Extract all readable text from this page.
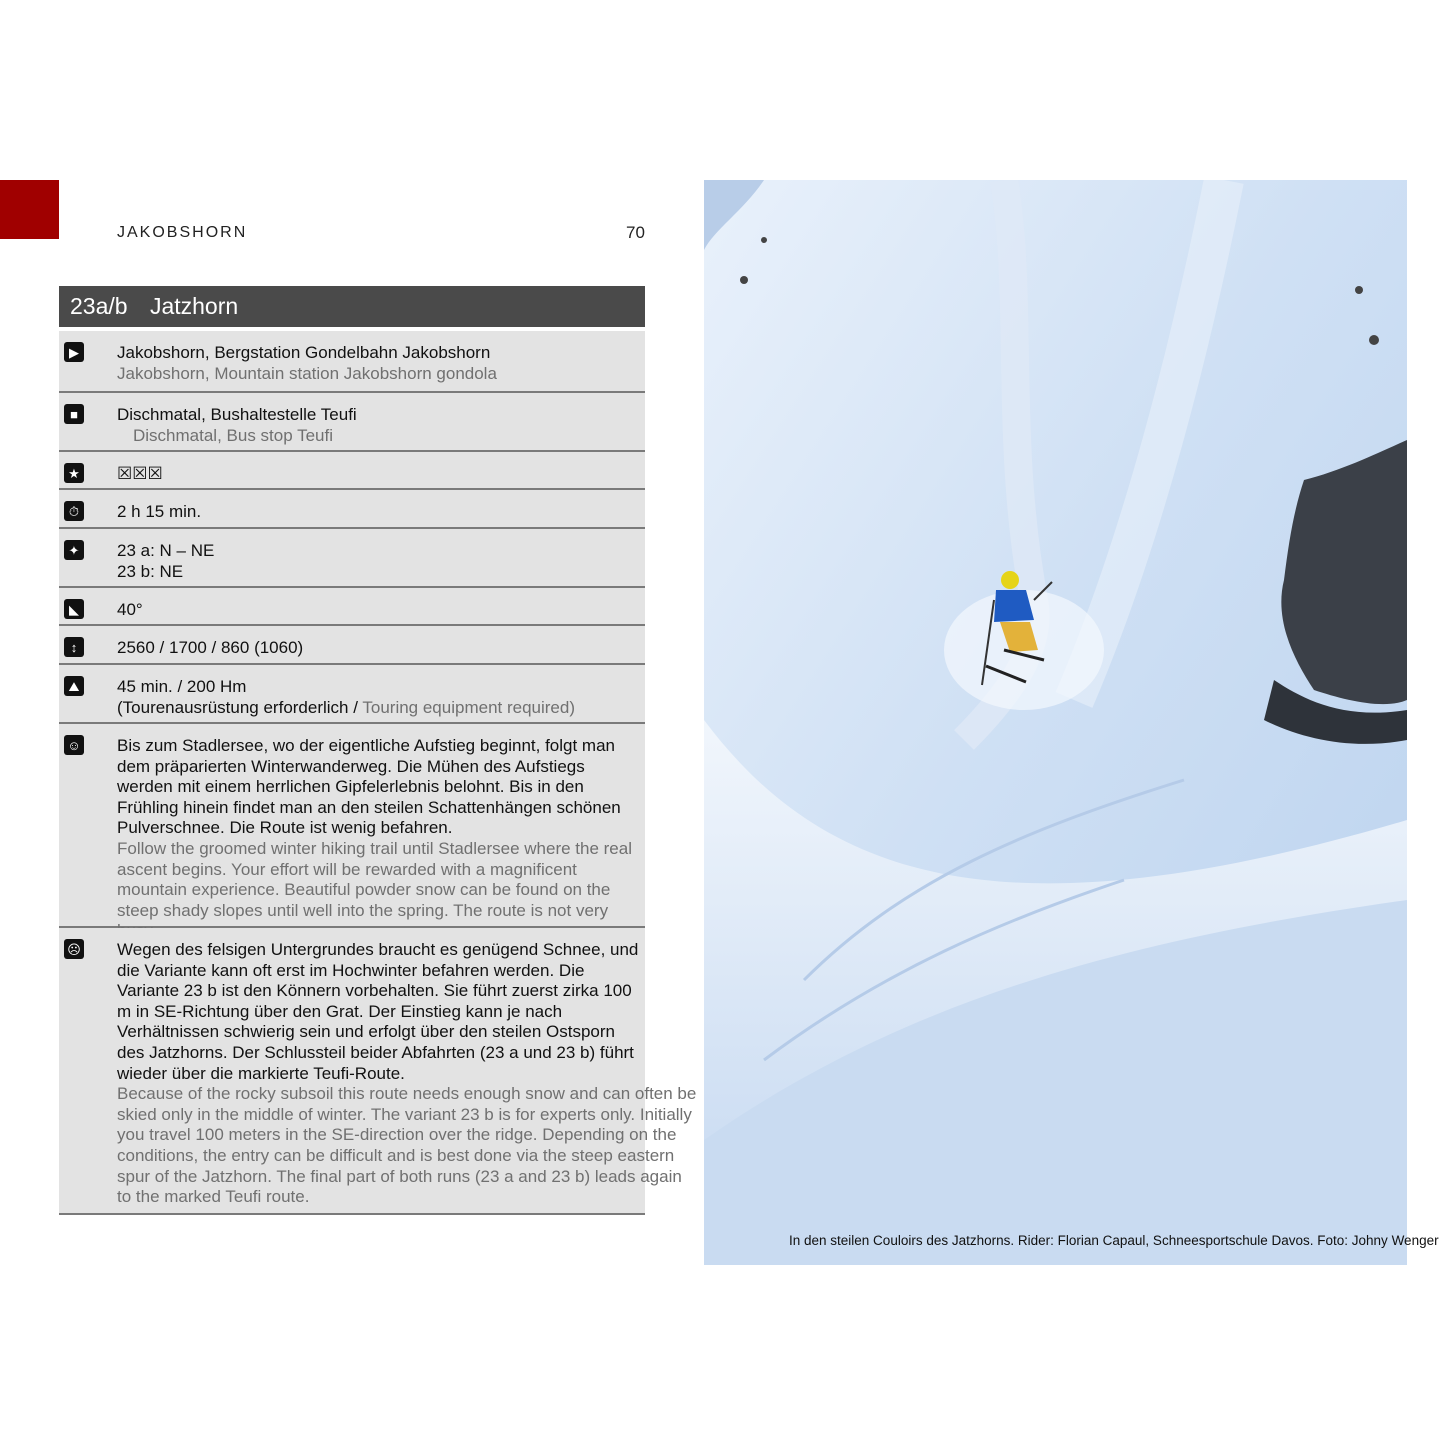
JAKOBSHORN	70
23a/b Jatzhorn
▶ Jakobshorn, Bergstation Gondelbahn Jakobshorn
Jakobshorn, Mountain station Jakobshorn gondola
■	Dischmatal, Bushaltestelle Teufi
Dischmatal, Bus stop Teufi
★ ☒☒☒
⏱ 2 h 15 min.
✦ 23 a: N – NE
23 b: NE
◣ 40°
↕	2560 / 1700 / 860 (1060)
⛰ 45 min. / 200 Hm
(Tourenausrüstung erforderlich / Touring equipment required)
☺ Bis zum Stadlersee, wo der eigentliche Aufstieg beginnt, folgt man dem präparierten Winterwanderweg. Die Mühen des Aufstiegs werden mit einem herrlichen Gipfelerlebnis belohnt. Bis in den Frühling hinein findet man an den steilen Schattenhängen schönen Pulverschnee. Die Route ist wenig befahren.
Follow the groomed winter hiking trail until Stadlersee where the real ascent begins. Your effort will be rewarded with a magnificent mountain experience. Beautiful powder snow can be found on the steep shady slopes until well into the spring. The route is not very
☹ Wegen des felsigen Untergrundes braucht es genügend Schnee, und die Variante kann oft erst im Hochwinter befahren werden. Die Variante 23 b ist den Könnern vorbehalten. Sie führt zuerst zirka 100 m in SE-Richtung über den Grat. Der Einstieg kann je nach Verhältnissen schwierig sein und erfolgt über den steilen Ostsporn des Jatzhorns. Der Schlussteil beider Abfahrten (23 a und 23 b) führt wieder über die markierte Teufi-Route.
Because of the rocky subsoil this route needs enough snow and can often be skied only in the middle of winter. The variant 23 b is for experts only. Initially you travel 100 meters in the SE-direction over the ridge. Depending on the conditions, the entry can be difficult and is best done via the steep eastern spur of the Jatzhorn. The final part of both runs (23 a and 23 b) leads again to the marked Teufi route.
In den steilen Couloirs des Jatzhorns. Rider: Florian Capaul, Schneesportschule Davos. Foto: Johny Wenger
